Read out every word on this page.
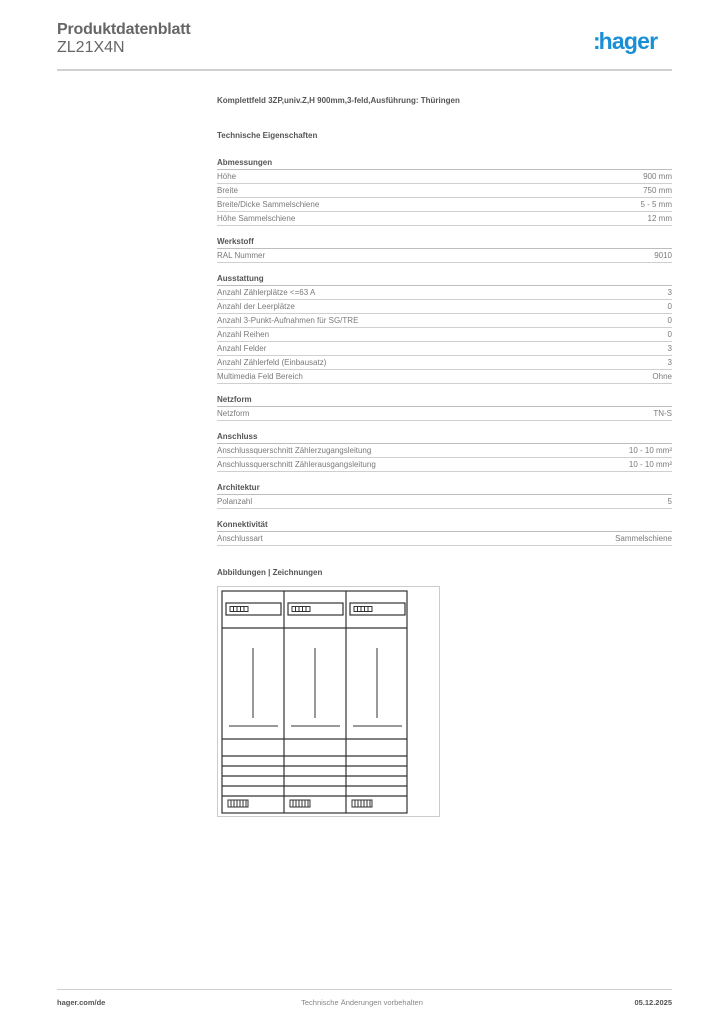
Produktdatenblatt
ZL21X4N	:hager
Komplettfeld 3ZP,univ.Z,H 900mm,3-feld,Ausführung: Thüringen
Technische Eigenschaften
Abmessungen
Höhe	900 mm
Breite	750 mm
Breite/Dicke Sammelschiene	5 - 5 mm
Höhe Sammelschiene	12 mm
Werkstoff
RAL Nummer	9010
Ausstattung
Anzahl Zählerplätze <=63 A	3
Anzahl der Leerplätze	0
Anzahl 3-Punkt-Aufnahmen für SG/TRE	0
Anzahl Reihen	0
Anzahl Felder	3
Anzahl Zählerfeld (Einbausatz)	3
Multimedia Feld Bereich	Ohne
Netzform
Netzform	TN-S
Anschluss
Anschlussquerschnitt Zählerzugangsleitung	10 - 10 mm²
Anschlussquerschnitt Zählerausgangsleitung	10 - 10 mm²
Architektur
Polanzahl	5
Konnektivität
Anschlussart	Sammelschiene
Abbildungen | Zeichnungen
hager.com/de	Technische Änderungen vorbehalten	05.12.2025
